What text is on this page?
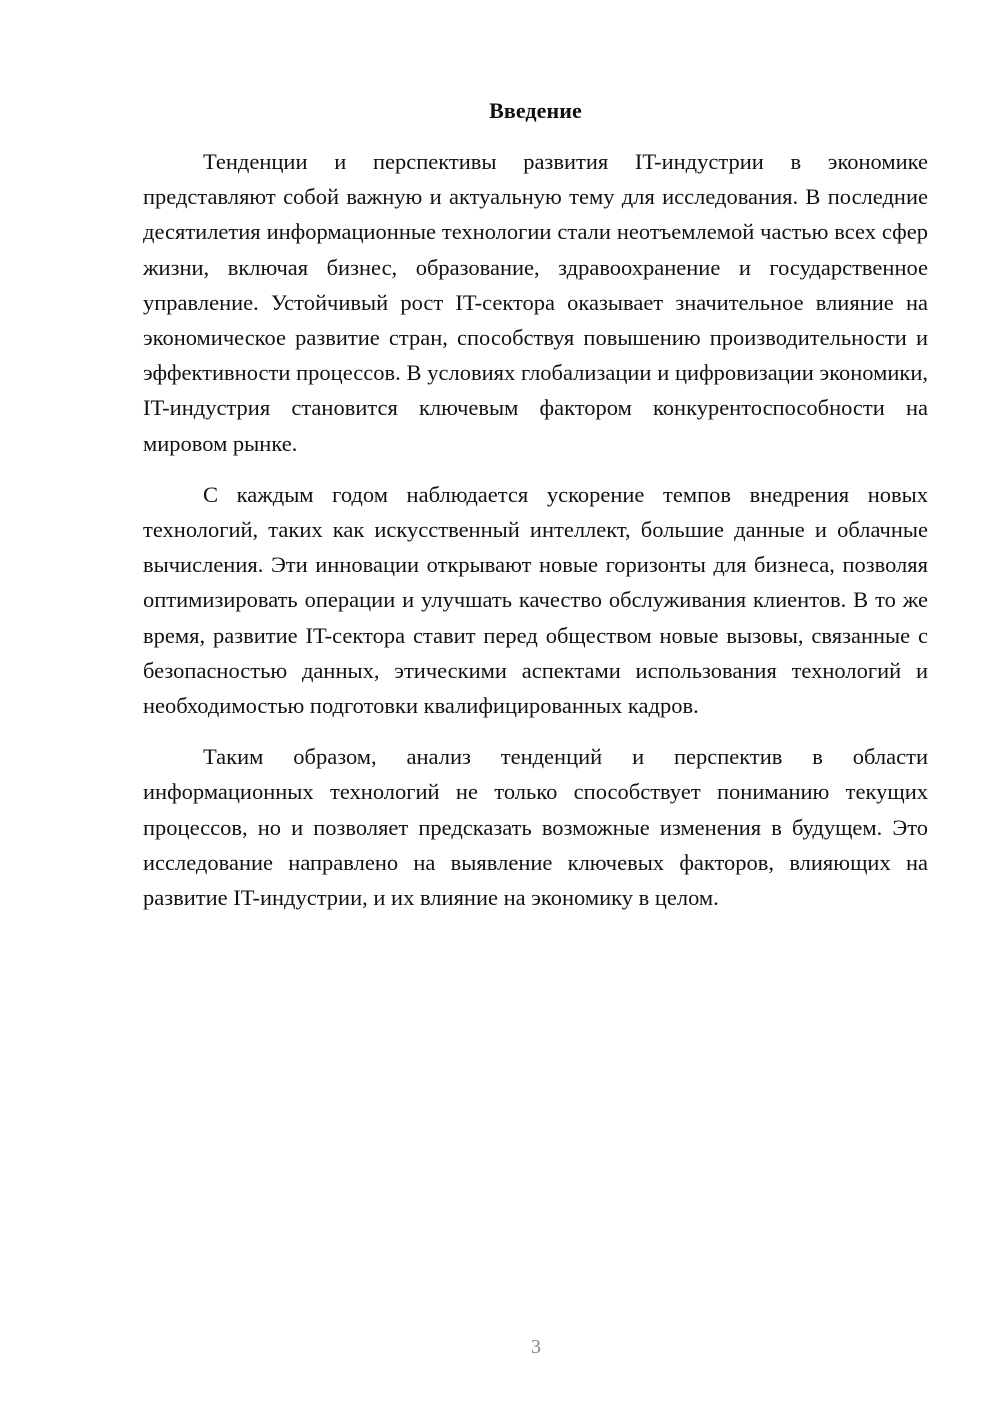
Введение

Тенденции и перспективы развития IT-индустрии в экономике представляют собой важную и актуальную тему для исследования. В последние десятилетия информационные технологии стали неотъемлемой частью всех сфер жизни, включая бизнес, образование, здравоохранение и государственное управление. Устойчивый рост IT-сектора оказывает значительное влияние на экономическое развитие стран, способствуя повышению производительности и эффективности процессов. В условиях глобализации и цифровизации экономики, IT-индустрия становится ключевым фактором конкурентоспособности на мировом рынке.

С каждым годом наблюдается ускорение темпов внедрения новых технологий, таких как искусственный интеллект, большие данные и облачные вычисления. Эти инновации открывают новые горизонты для бизнеса, позволяя оптимизировать операции и улучшать качество обслуживания клиентов. В то же время, развитие IT-сектора ставит перед обществом новые вызовы, связанные с безопасностью данных, этическими аспектами использования технологий и необходимостью подготовки квалифицированных кадров.

Таким образом, анализ тенденций и перспектив в области информационных технологий не только способствует пониманию текущих процессов, но и позволяет предсказать возможные изменения в будущем. Это исследование направлено на выявление ключевых факторов, влияющих на развитие IT-индустрии, и их влияние на экономику в целом.

3
